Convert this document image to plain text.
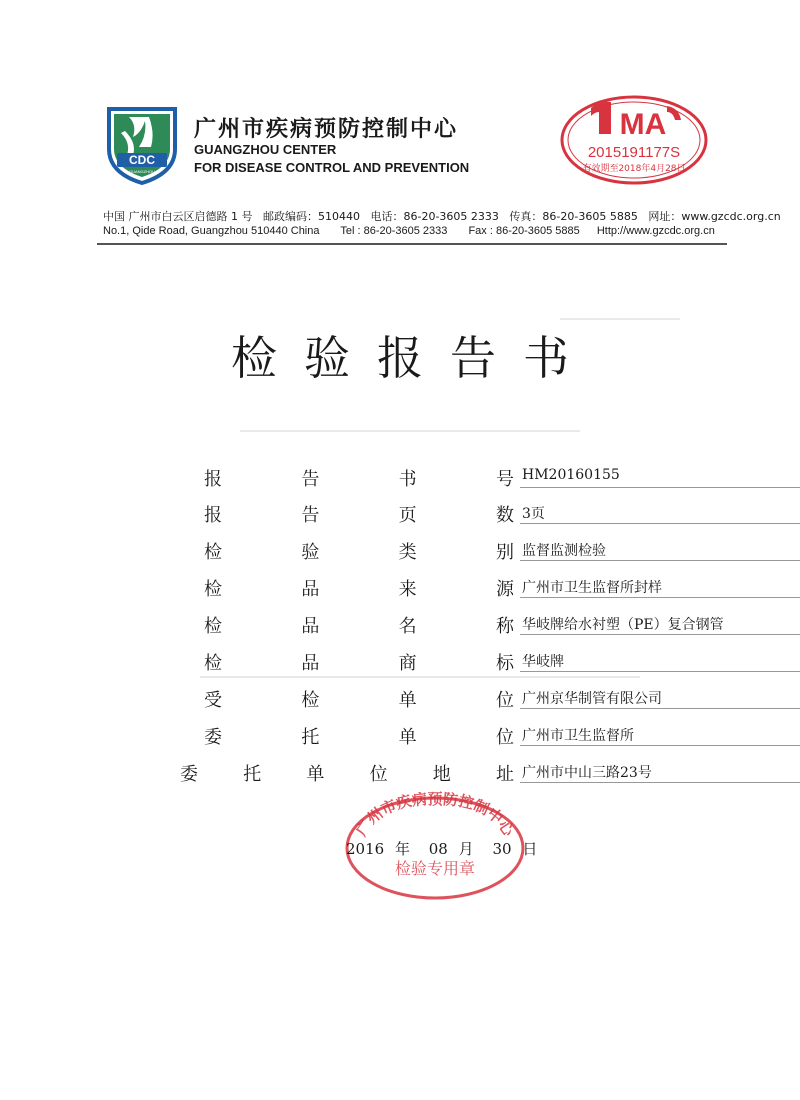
CDC
GUANGZHOU
广州市疾病预防控制中心
GUANGZHOU CENTER
FOR DISEASE CONTROL AND PREVENTION
MA
2015191177S
有效期至2018年4月28日
中国 广州市白云区启德路 1 号 邮政编码：510440 电话：86-20-3605 2333 传真：86-20-3605 5885 网址：www.gzcdc.org.cn
No.1, Qide Road, Guangzhou 510440 China Tel : 86-20-3605 2333 Fax : 86-20-3605 5885 Http://www.gzcdc.org.cn
检验报告书
报	告	书	号 HM20160155
报	告	页	数 3页
检	验	类	别 监督监测检验
检	品	来	源 广州市卫生监督所封样
检	品	名	称 华岐牌给水衬塑（PE）复合钢管
检	品	商	标 华岐牌
受	检	单	位 广州京华制管有限公司
委	托	单	位 广州市卫生监督所
委	托	单	位	地	址 广州市中山三路23号
广州市疾病预防控制中心
检验专用章
2016 年 08 月 30 日
